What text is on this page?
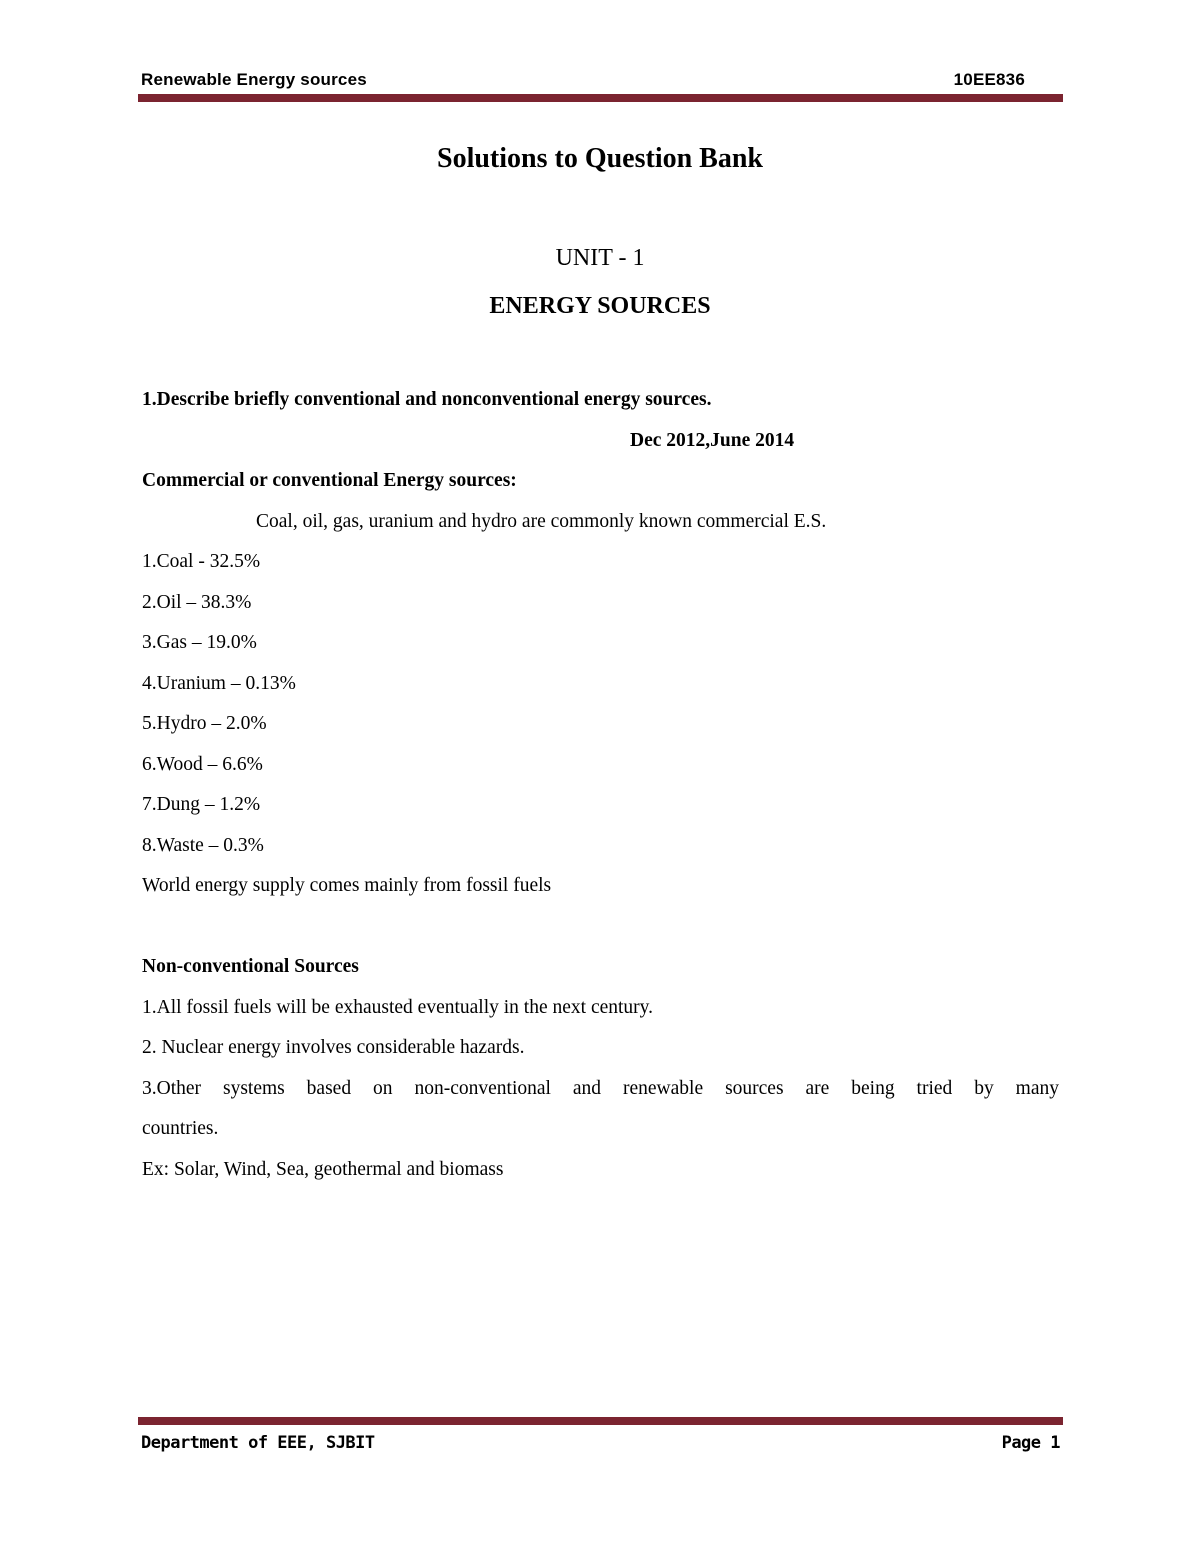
Renewable Energy sources	10EE836
Solutions to Question Bank
UNIT - 1
ENERGY SOURCES

1.Describe briefly conventional and nonconventional energy sources.

Dec 2012,June 2014

Commercial or conventional Energy sources:

Coal, oil, gas, uranium and hydro are commonly known commercial E.S.

1.Coal - 32.5%

2.Oil – 38.3%

3.Gas – 19.0%

4.Uranium – 0.13%

5.Hydro – 2.0%

6.Wood – 6.6%

7.Dung – 1.2%

8.Waste – 0.3%

World energy supply comes mainly from fossil fuels

Non-conventional Sources

1.All fossil fuels will be exhausted eventually in the next century.

2. Nuclear energy involves considerable hazards.

3.Other systems based on non-conventional and renewable sources are being tried by many

countries.

Ex: Solar, Wind, Sea, geothermal and biomass

Department of EEE, SJBIT	Page 1
